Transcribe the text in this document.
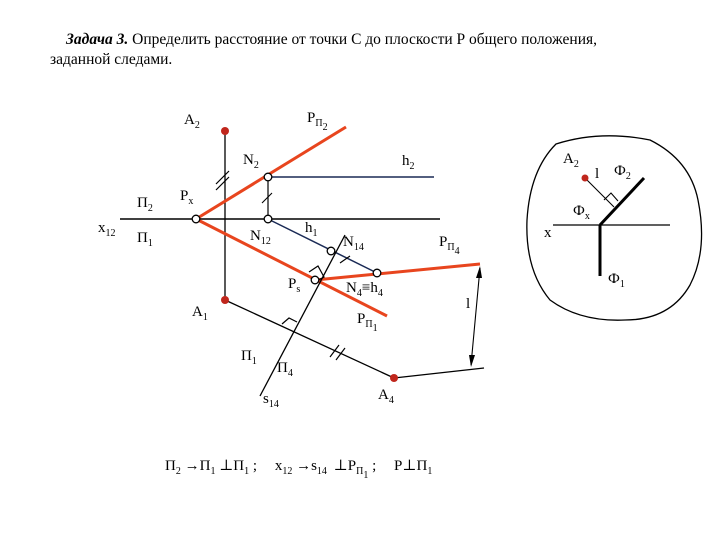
Задача 3. Определить расстояние от точки С до плоскости Р общего положения,
заданной следами.
$A_2$
$A_1$
$A_4$
$P_{П2}$
$P_{П4}$
$P_{П1}$
$P_x$
$P_s$
$N_2$
$N_{12}$	$N_{14}$
$N_4\equiv h_4$
$h_2$
$h_1$
$П_2$
$П_1$
$x_{12}$
$П_1$ $П_4$
$s_{14}$
l
$A_2$
l $Ф_2$
$Ф_x$
$Ф_1$
x
$П_2 \to П_1$ $\perp П_1$ ; $x_{12} \to s_{14}$ $\perp P_{П1}$ ; $P\perp П_1$
